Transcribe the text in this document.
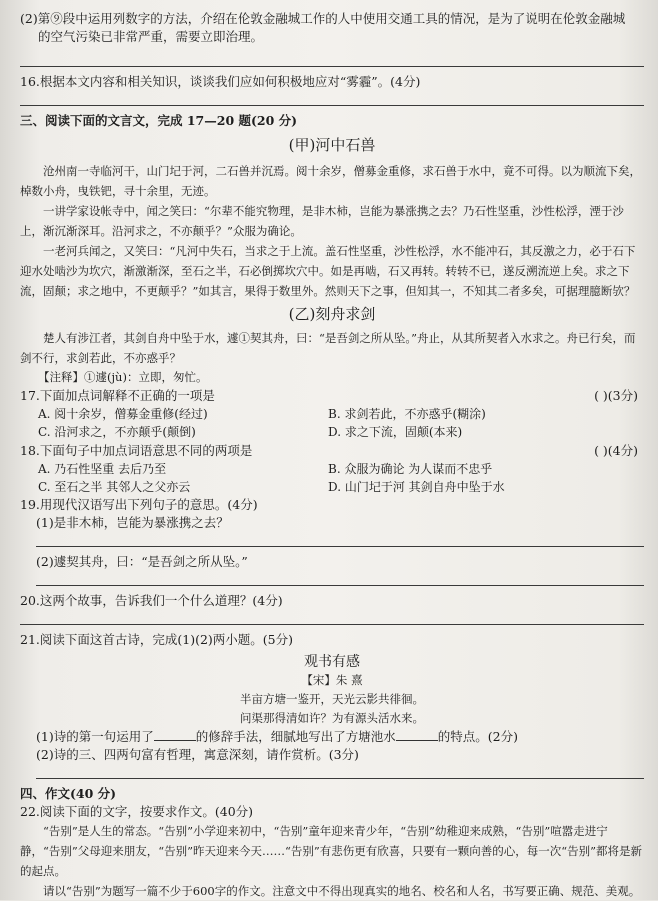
(2)第⑨段中运用列数字的方法，介绍在伦敦金融城工作的人中使用交通工具的情况，是为了说明在伦敦金融城

的空气污染已非常严重，需要立即治理。

16.根据本文内容和相关知识，谈谈我们应如何积极地应对“雾霾”。(4分)

三、阅读下面的文言文，完成 17—20 题(20 分)

(甲)河中石兽

沧州南一寺临河干，山门圮于河，二石兽并沉焉。阅十余岁，僧募金重修，求石兽于水中，竟不可得。以为顺流下矣，棹数小舟，曳铁钯，寻十余里，无迹。

一讲学家设帐寺中，闻之笑曰：“尔辈不能究物理，是非木柿，岂能为暴涨携之去？乃石性坚重，沙性松浮，湮于沙上，渐沉渐深耳。沿河求之，不亦颠乎？”众服为确论。

一老河兵闻之，又笑曰：“凡河中失石，当求之于上流。盖石性坚重，沙性松浮，水不能冲石，其反激之力，必于石下迎水处啮沙为坎穴，渐激渐深，至石之半，石必倒掷坎穴中。如是再啮，石又再转。转转不已，遂反溯流逆上矣。求之下流，固颠；求之地中，不更颠乎？”如其言，果得于数里外。然则天下之事，但知其一，不知其二者多矣，可据理臆断欤？

(乙)刻舟求剑

楚人有涉江者，其剑自舟中坠于水，遽①契其舟，曰：“是吾剑之所从坠。”舟止，从其所契者入水求之。舟已行矣，而剑不行，求剑若此，不亦惑乎？

【注释】①遽(jù)：立即，匆忙。

17.下面加点词解释不正确的一项是	( )(3分)
A. 阅十余岁，僧募金重修(经过)	B. 求剑若此，不亦惑乎(糊涂)
C. 沿河求之，不亦颠乎(颠倒)	D. 求之下流，固颠(本来)
18.下面句子中加点词语意思不同的两项是	( )(4分)
A. 乃石性坚重 去后乃至	B. 众服为确论 为人谋而不忠乎
C. 至石之半 其邻人之父亦云	D. 山门圮于河 其剑自舟中坠于水

19.用现代汉语写出下列句子的意思。(4分)

(1)是非木柿，岂能为暴涨携之去？

(2)遽契其舟，曰：“是吾剑之所从坠。”

20.这两个故事，告诉我们一个什么道理？(4分)

21.阅读下面这首古诗，完成(1)(2)两小题。(5分)

观书有感
【宋】朱 熹
半亩方塘一鉴开，天光云影共徘徊。
问渠那得清如许？为有源头活水来。

(1)诗的第一句运用了	的修辞手法，细腻地写出了方塘池水	的特点。(2分)

(2)诗的三、四两句富有哲理，寓意深刻，请作赏析。(3分)

四、作文(40 分)

22.阅读下面的文字，按要求作文。(40分)

“告别”是人生的常态。“告别”小学迎来初中，“告别”童年迎来青少年，“告别”幼稚迎来成熟，“告别”喧嚣走进宁静，“告别”父母迎来朋友，“告别”昨天迎来今天……“告别”有悲伤更有欣喜，只要有一颗向善的心，每一次“告别”都将是新的起点。

请以“告别”为题写一篇不少于600字的作文。注意文中不得出现真实的地名、校名和人名，书写要正确、规范、美观。
